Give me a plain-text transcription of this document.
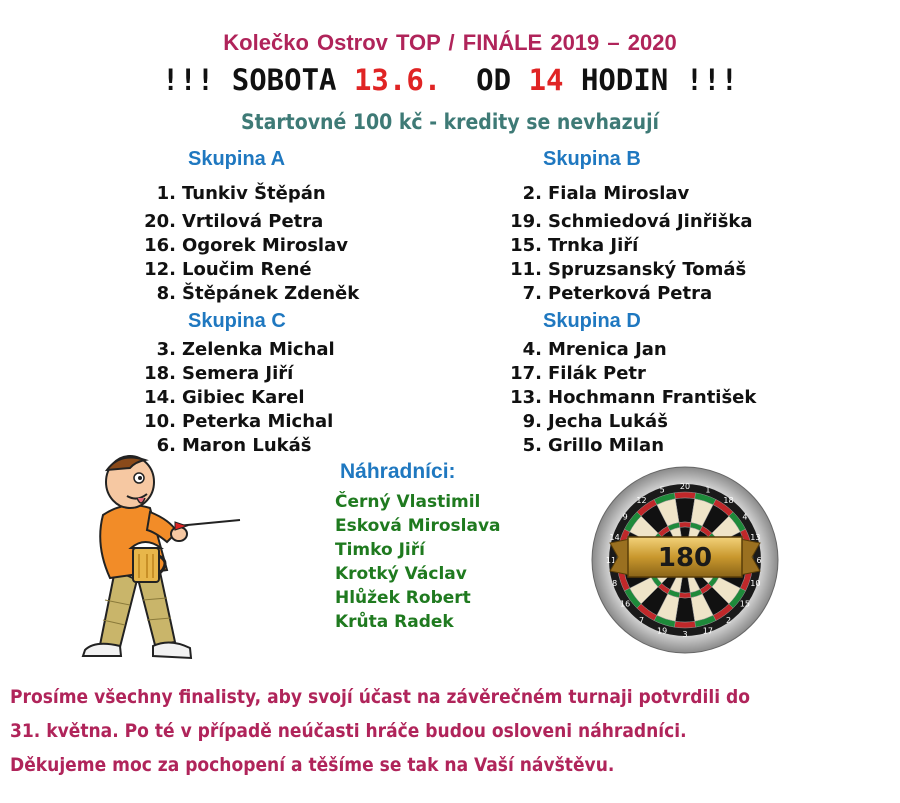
Kolečko Ostrov TOP / FINÁLE 2019 – 2020
!!! SOBOTA 13.6.  OD 14 HODIN !!!
Startovné 100 kč - kredity se nevhazují
Skupina A
1. Tunkiv Štěpán
20. Vrtilová Petra
16. Ogorek Miroslav
12. Loučim René
8. Štěpánek Zdeněk
Skupina B
2. Fiala Miroslav
19. Schmiedová Jinřiška
15. Trnka Jiří
11. Spruzsanský Tomáš
7. Peterková Petra
Skupina C
3. Zelenka Michal
18. Semera Jiří
14. Gibiec Karel
10. Peterka Michal
6. Maron Lukáš
Skupina D
4. Mrenica Jan
17. Filák Petr
13. Hochmann František
9. Jecha Lukáš
5. Grillo Milan
Náhradníci:
Černý Vlastimil
Esková Miroslava
Timko Jiří
Krotký Václav
Hlůžek Robert
Krůta Radek
20 1
18
4
13
6
10
15
2
17
3
19
7
16
8
11
14
9
12
5
180

Prosíme všechny finalisty, aby svojí účast na závěrečném turnaji potvrdili do

31. května. Po té v případě neúčasti hráče budou osloveni náhradníci.

Děkujeme moc za pochopení a těšíme se tak na Vaší návštěvu.
